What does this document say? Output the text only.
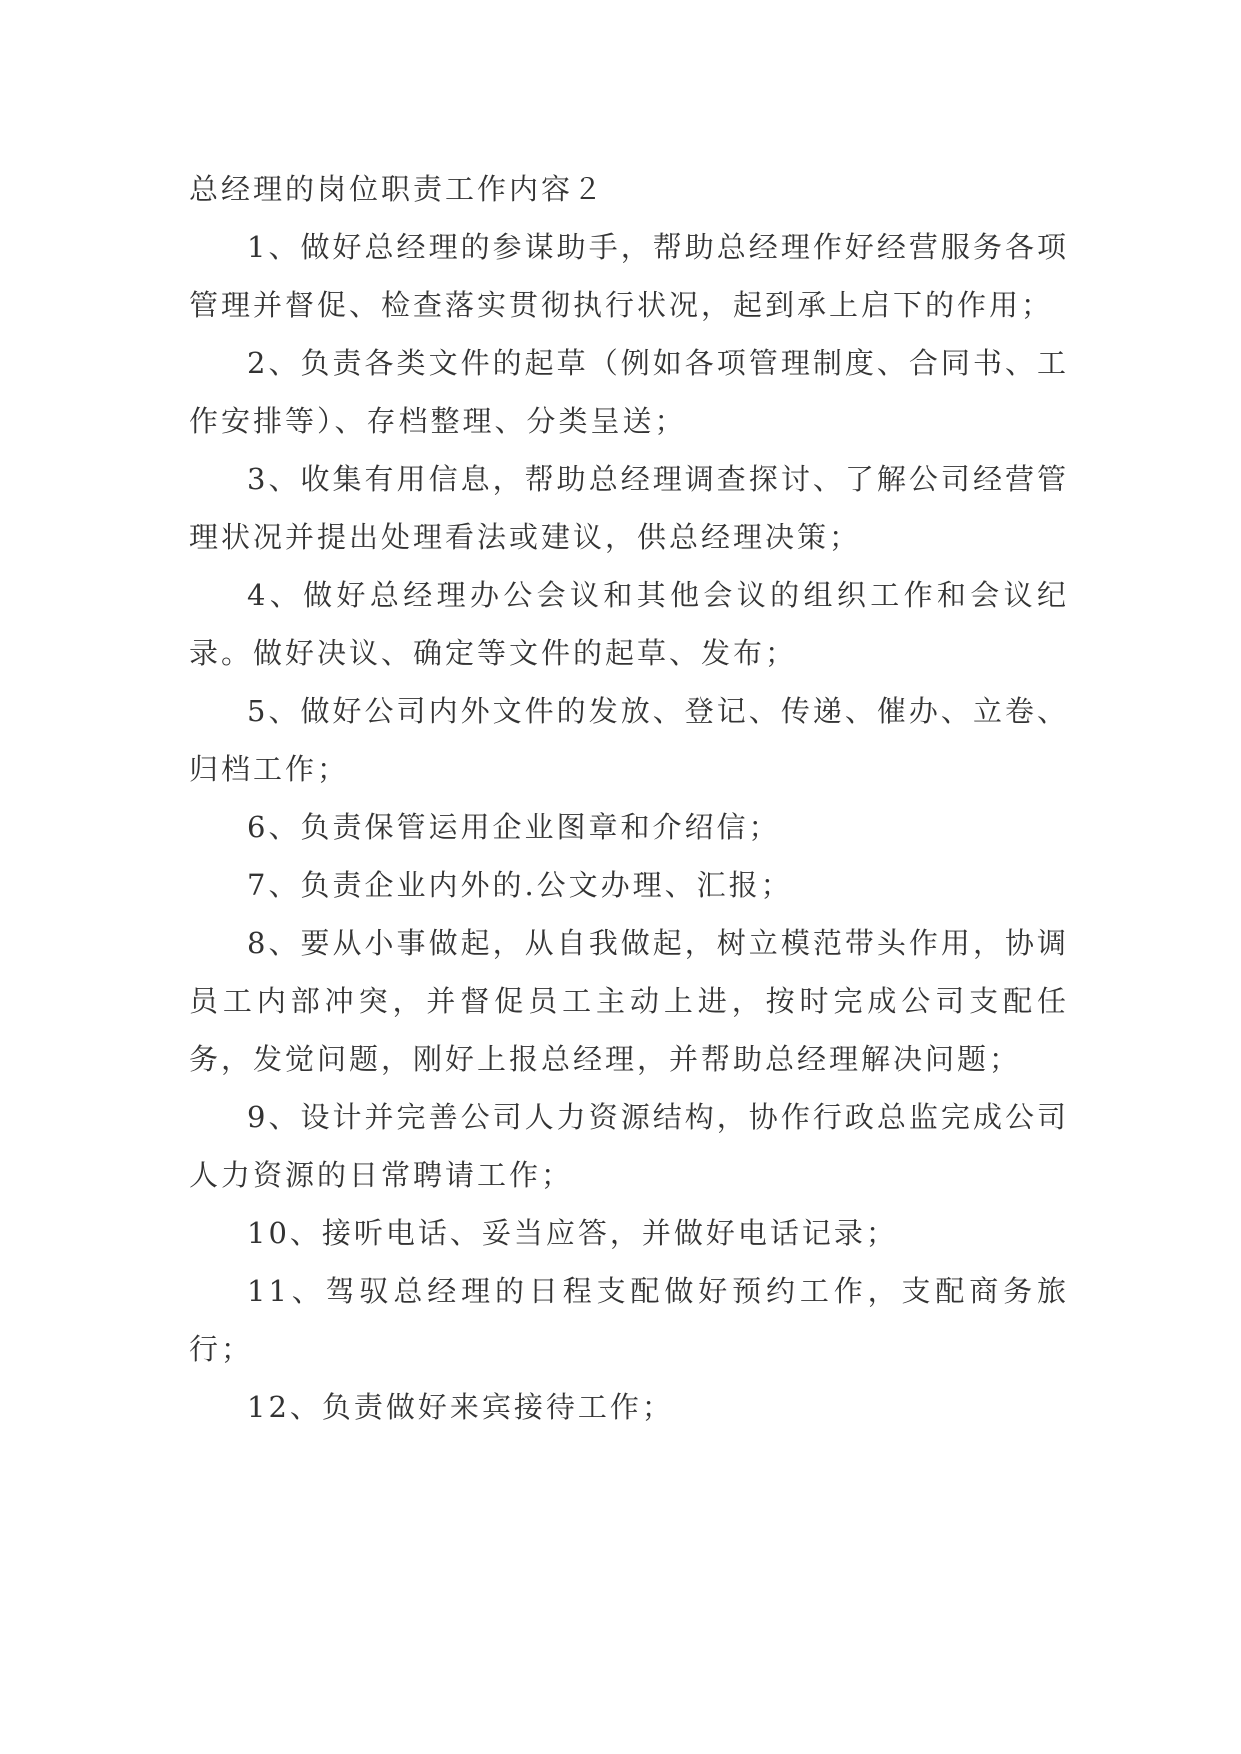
总经理的岗位职责工作内容２

1、做好总经理的参谋助手，帮助总经理作好经营服务各项管理并督促、检查落实贯彻执行状况，起到承上启下的作用；

2、负责各类文件的起草（例如各项管理制度、合同书、工作安排等）、存档整理、分类呈送；

3、收集有用信息，帮助总经理调查探讨、了解公司经营管理状况并提出处理看法或建议，供总经理决策；

4、做好总经理办公会议和其他会议的组织工作和会议纪录。做好决议、确定等文件的起草、发布；

5、做好公司内外文件的发放、登记、传递、催办、立卷、归档工作；

6、负责保管运用企业图章和介绍信；

7、负责企业内外的.公文办理、汇报；

8、要从小事做起，从自我做起，树立模范带头作用，协调员工内部冲突，并督促员工主动上进，按时完成公司支配任务，发觉问题，刚好上报总经理，并帮助总经理解决问题；

9、设计并完善公司人力资源结构，协作行政总监完成公司人力资源的日常聘请工作；

10、接听电话、妥当应答，并做好电话记录；

11、驾驭总经理的日程支配做好预约工作，支配商务旅行；

12、负责做好来宾接待工作；
